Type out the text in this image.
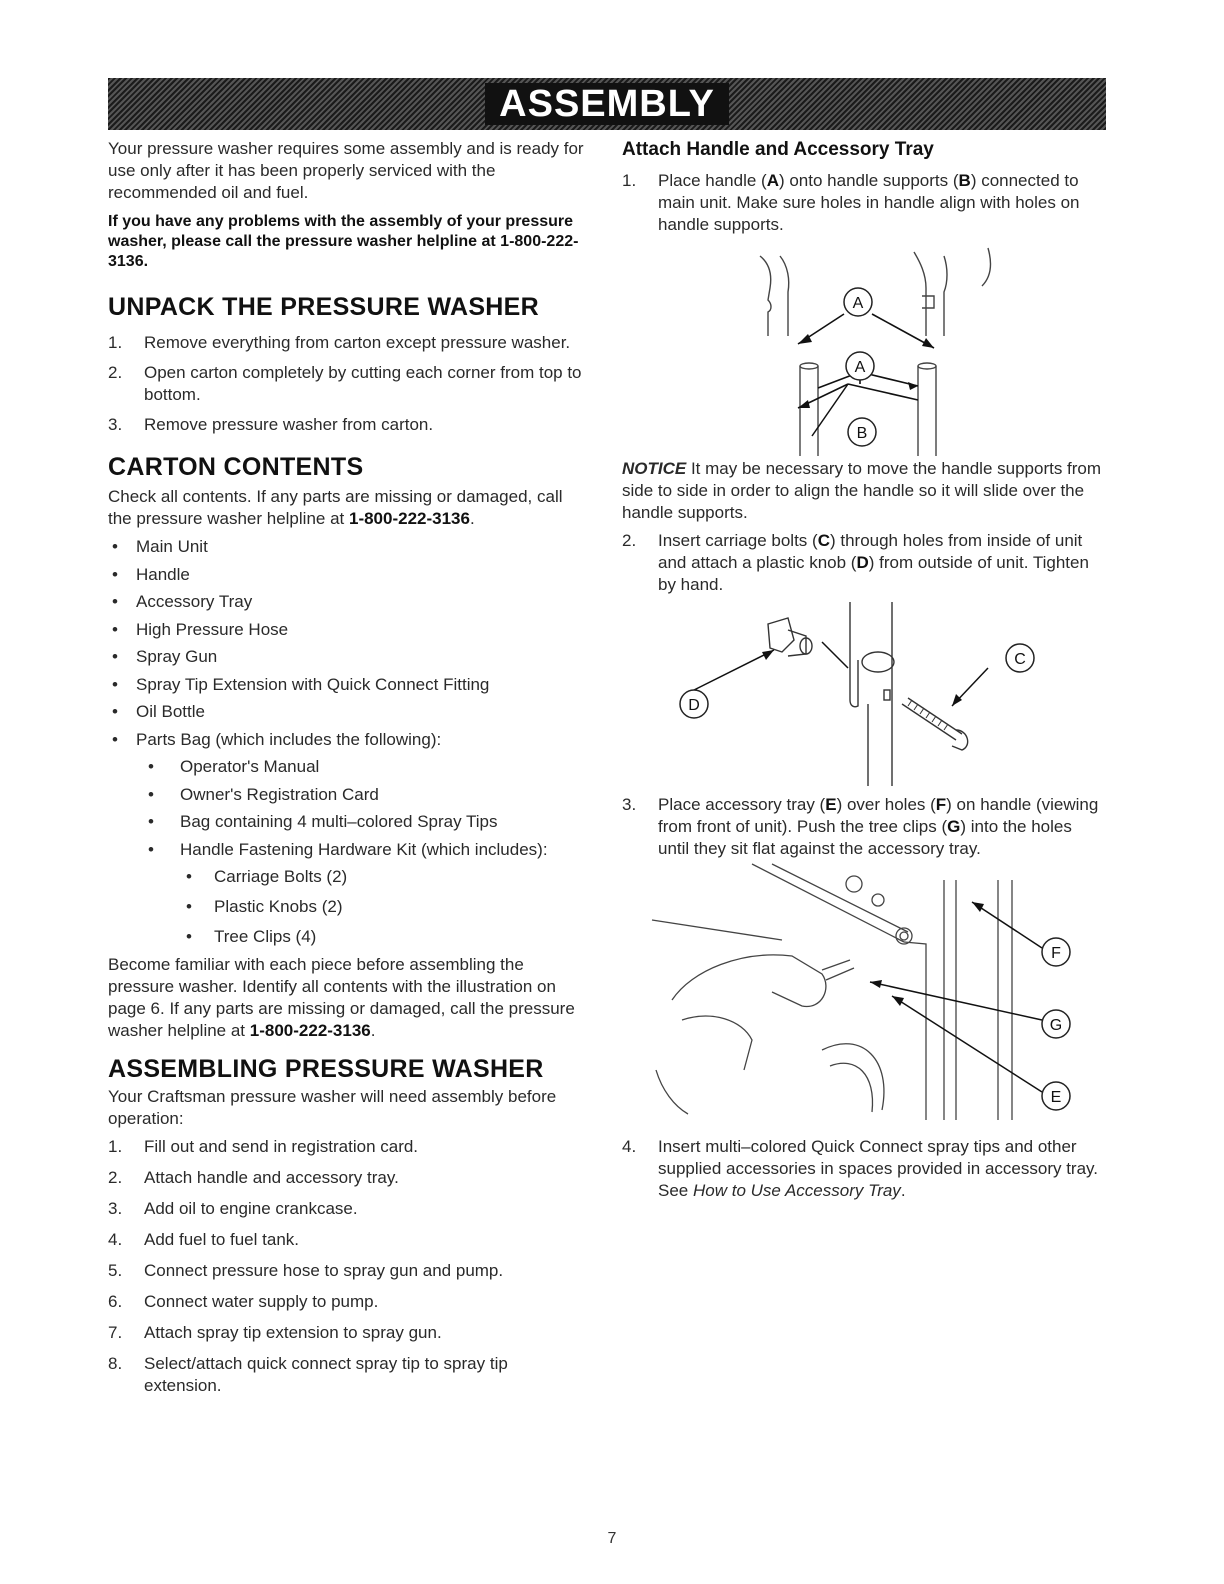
ASSEMBLY

Your pressure washer requires some assembly and is ready for use only after it has been properly serviced with the recommended oil and fuel.

If you have any problems with the assembly of your pressure washer, please call the pressure washer helpline at 1-800-222-3136.

UNPACK THE PRESSURE WASHER
1. Remove everything from carton except pressure washer.
2. Open carton completely by cutting each corner from top to bottom.
3. Remove pressure washer from carton.
CARTON CONTENTS

Check all contents. If any parts are missing or damaged, call the pressure washer helpline at 1-800-222-3136.

• Main Unit
• Handle
• Accessory Tray
• High Pressure Hose
• Spray Gun
• Spray Tip Extension with Quick Connect Fitting
• Oil Bottle
• Parts Bag (which includes the following):
• Operator's Manual
• Owner's Registration Card
• Bag containing 4 multi–colored Spray Tips
• Handle Fastening Hardware Kit (which includes):
• Carriage Bolts (2)
• Plastic Knobs (2)
• Tree Clips (4)

Become familiar with each piece before assembling the pressure washer. Identify all contents with the illustration on page 6. If any parts are missing or damaged, call the pressure washer helpline at 1-800-222-3136.

ASSEMBLING PRESSURE WASHER

Your Craftsman pressure washer will need assembly before operation:

1. Fill out and send in registration card.
2. Attach handle and accessory tray.
3. Add oil to engine crankcase.
4. Add fuel to fuel tank.
5. Connect pressure hose to spray gun and pump.
6. Connect water supply to pump.
7. Attach spray tip extension to spray gun.
8. Select/attach quick connect spray tip to spray tip extension.
Attach Handle and Accessory Tray
1. Place handle (A) onto handle supports (B) connected to main unit. Make sure holes in handle align with holes on handle supports.
A
A
B

NOTICE It may be necessary to move the handle supports from side to side in order to align the handle so it will slide over the handle supports.

2. Insert carriage bolts (C) through holes from inside of unit and attach a plastic knob (D) from outside of unit. Tighten by hand.
D
C
3. Place accessory tray (E) over holes (F) on handle (viewing from front of unit). Push the tree clips (G) into the holes until they sit flat against the accessory tray.
F
G
E
4. Insert multi–colored Quick Connect spray tips and other supplied accessories in spaces provided in accessory tray. See How to Use Accessory Tray.
7
